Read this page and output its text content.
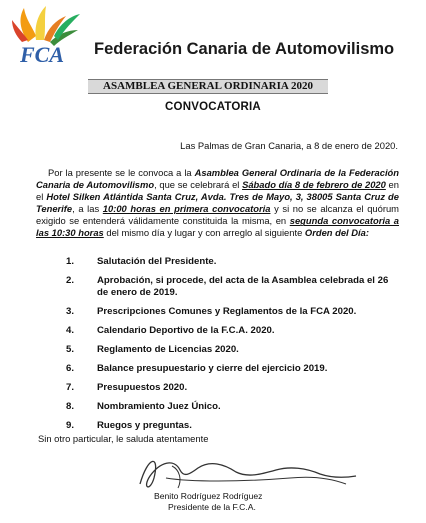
FCA Federación Canaria de Automovilismo
ASAMBLEA GENERAL ORDINARIA 2020
CONVOCATORIA
Las Palmas de Gran Canaria, a 8 de enero de 2020.
Por la presente se le convoca a la Asamblea General Ordinaria de la Federación Canaria de Automovilismo, que se celebrará el Sábado día 8 de febrero de 2020 en el Hotel Silken Atlántida Santa Cruz, Avda. Tres de Mayo, 3, 38005 Santa Cruz de Tenerife, a las 10:00 horas en primera convocatoria y si no se alcanza el quórum exigido se entenderá válidamente constituida la misma, en segunda convocatoria a las 10:30 horas del mismo día y lugar y con arreglo al siguiente Orden del Día:
1.	Salutación del Presidente.
2.	Aprobación, si procede, del acta de la Asamblea celebrada el 26 de enero de 2019.
3.	Prescripciones Comunes y Reglamentos de la FCA 2020.
4.	Calendario Deportivo de la F.C.A. 2020.
5.	Reglamento de Licencias 2020.
6.	Balance presupuestario y cierre del ejercicio 2019.
7.	Presupuestos 2020.
8.	Nombramiento Juez Único.
9.	Ruegos y preguntas.
Sin otro particular, le saluda atentamente
Benito Rodríguez Rodríguez
Presidente de la F.C.A.
